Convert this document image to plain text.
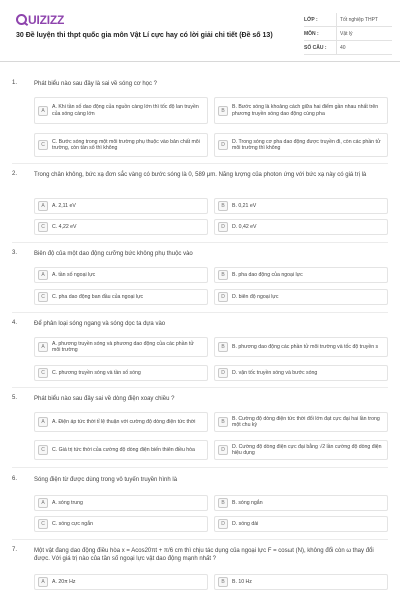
UIZIZZ
30 Đề luyện thi thpt quốc gia môn Vật Lí cực hay có lời giải chi tiết (Đề số 13)
LỚP :	Tốt nghiệp THPT
MÔN :	Vật lý
SỐ CÂU :	40
1.	Phát biểu nào sau đây là sai về sóng cơ học ?
A
A. Khi tần số dao động của nguồn càng lớn thì tốc độ lan truyền của sóng càng lớn	B
B. Bước sóng là khoảng cách giữa hai điểm gần nhau nhất trên phương truyền sóng dao động cùng pha
C
C. Bước sóng trong một môi trường phụ thuộc vào bản chất môi trường, còn tần số thì không	D
D. Trong sóng cơ pha dao động được truyền đi, còn các phần tử môi trường thì không
2.	Trong chân không, bức xạ đơn sắc vàng có bước sóng là 0, 589 μm. Năng lượng của photon ứng với bức xạ này có giá trị là
A	A. 2,11 eV	B	B. 0,21 eV
C	C. 4,22 eV	D	D. 0,42 eV
3.	Biên độ của một dao động cưỡng bức không phụ thuộc vào
A	A. tần số ngoại lực	B	B. pha dao động của ngoại lực
C	C. pha dao động ban đầu của ngoại lực	D	D. biên độ ngoại lực
4.	Để phân loại sóng ngang và sóng dọc ta dựa vào
A
A. phương truyền sóng và phương dao động của các phần tử môi trường	B	B. phương dao động các phần tử môi trường và tốc độ truyền s
C	C. phương truyền sóng và tần số sóng	D	D. vận tốc truyền sóng và bước sóng
5.	Phát biểu nào sau đây sai về dòng điện xoay chiều ?
A	A. Điện áp tức thời tỉ lệ thuận với cường độ dòng điện tức thời	B
B. Cường độ dòng điện tức thời đổi lớn đạt cực đại hai lần trong một chu kỳ
C	C. Giá trị tức thời của cường độ dòng điện biến thiên điều hòa	D
D. Cường độ dòng điện cực đại bằng √2 lần cường độ dòng điện hiệu dụng
6.	Sóng điện từ được dùng trong vô tuyến truyền hình là
A	A. sóng trung	B	B. sóng ngắn
C	C. sóng cực ngắn	D	D. sóng dài
7.	Một vật đang dao động điều hòa x = Acos20πt + π/6 cm thì chịu tác dụng của ngoại lực F = cosωt (N), không đổi còn ω thay đổi được. Với giá trị nào của tần số ngoại lực vật dao động mạnh nhất ?
A	A. 20π Hz	B	B. 10 Hz
